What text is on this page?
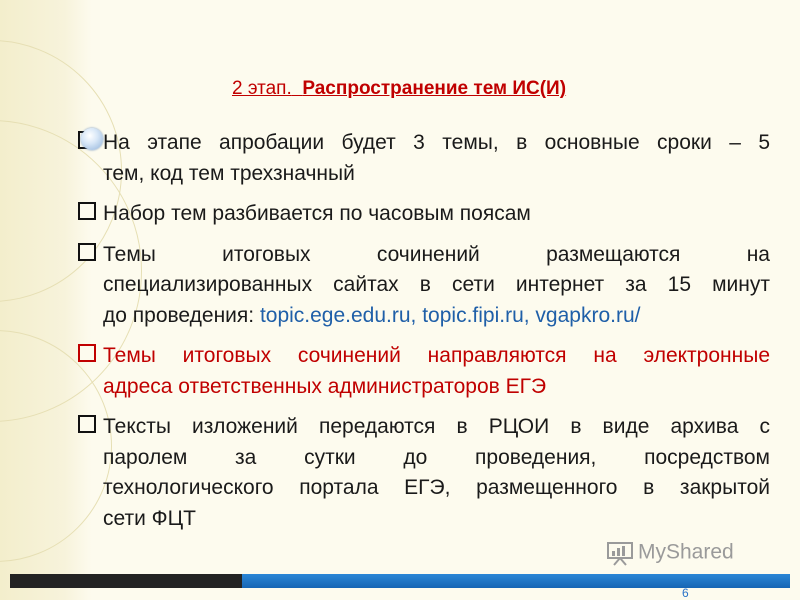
2 этап. Распространение тем ИС(И)
На этапе апробации будет 3 темы, в основные сроки – 5
тем, код тем трехзначный
Набор тем разбивается по часовым поясам
Темы итоговых сочинений размещаются на
специализированных сайтах в сети интернет за 15 минут
до проведения: topic.ege.edu.ru, topic.fipi.ru, vgapkro.ru/
Темы итоговых сочинений направляются на электронные
адреса ответственных администраторов ЕГЭ
Тексты изложений передаются в РЦОИ в виде архива с
паролем за сутки до проведения, посредством
технологического портала ЕГЭ, размещенного в закрытой
сети ФЦТ
MyShared
6
